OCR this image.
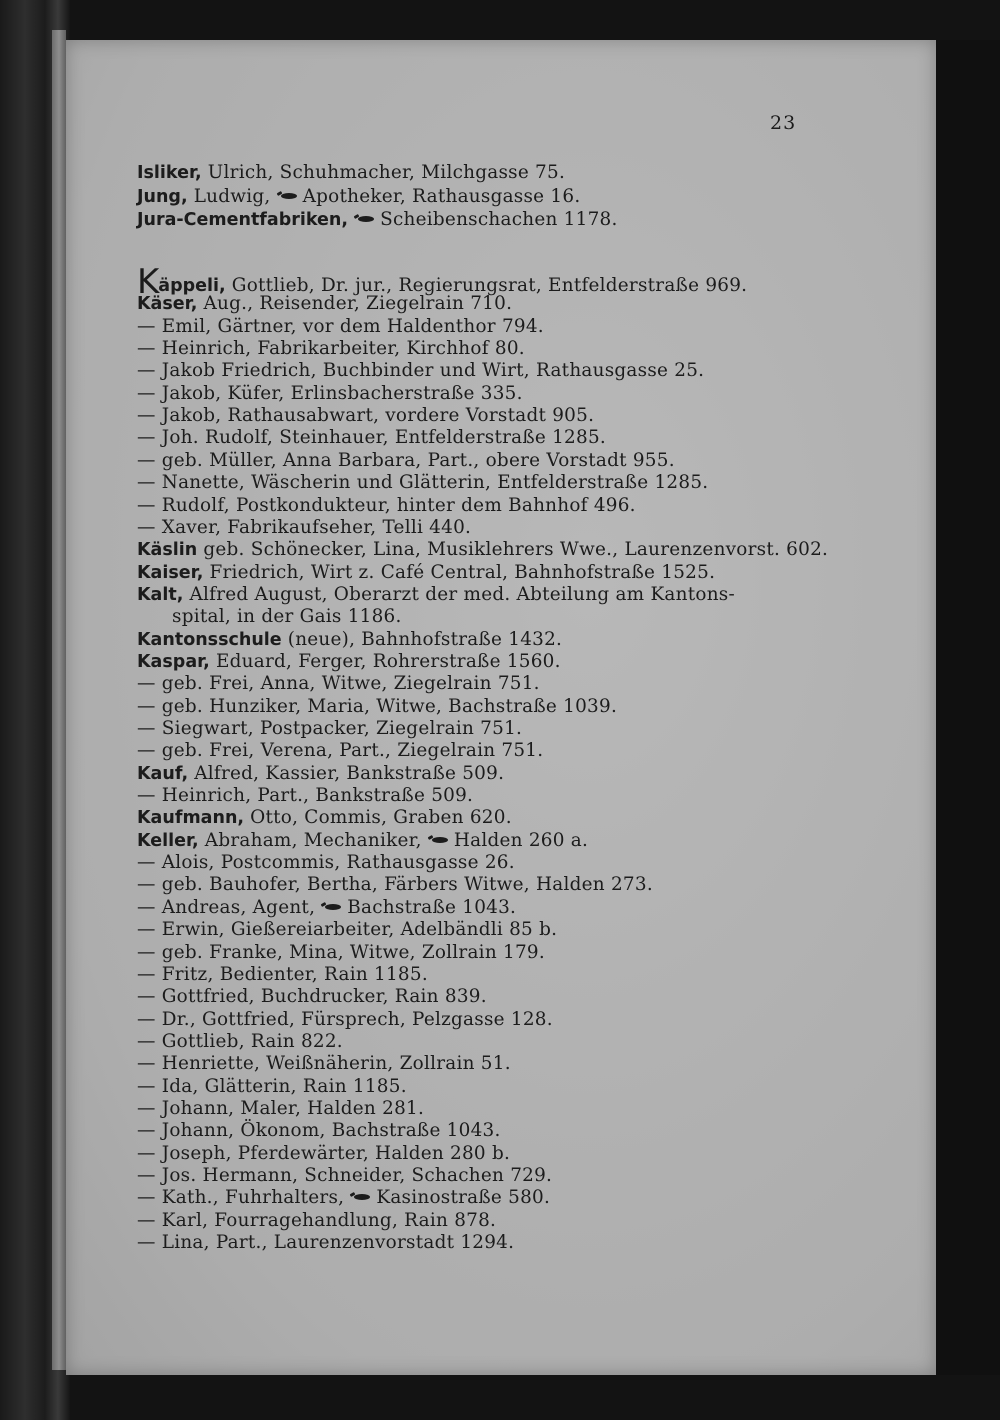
23
Isliker, Ulrich, Schuhmacher, Milchgasse 75.
Jung, Ludwig, Apotheker, Rathausgasse 16.
Jura-Cementfabriken, Scheibenschachen 1178.
Käppeli, Gottlieb, Dr. jur., Regierungsrat, Entfelderstraße 969.
Käser, Aug., Reisender, Ziegelrain 710.
— Emil, Gärtner, vor dem Haldenthor 794.
— Heinrich, Fabrikarbeiter, Kirchhof 80.
— Jakob Friedrich, Buchbinder und Wirt, Rathausgasse 25.
— Jakob, Küfer, Erlinsbacherstraße 335.
— Jakob, Rathausabwart, vordere Vorstadt 905.
— Joh. Rudolf, Steinhauer, Entfelderstraße 1285.
— geb. Müller, Anna Barbara, Part., obere Vorstadt 955.
— Nanette, Wäscherin und Glätterin, Entfelderstraße 1285.
— Rudolf, Postkondukteur, hinter dem Bahnhof 496.
— Xaver, Fabrikaufseher, Telli 440.
Käslin geb. Schönecker, Lina, Musiklehrers Wwe., Laurenzenvorst. 602.
Kaiser, Friedrich, Wirt z. Café Central, Bahnhofstraße 1525.
Kalt, Alfred August, Oberarzt der med. Abteilung am Kantons-
spital, in der Gais 1186.
Kantonsschule (neue), Bahnhofstraße 1432.
Kaspar, Eduard, Ferger, Rohrerstraße 1560.
— geb. Frei, Anna, Witwe, Ziegelrain 751.
— geb. Hunziker, Maria, Witwe, Bachstraße 1039.
— Siegwart, Postpacker, Ziegelrain 751.
— geb. Frei, Verena, Part., Ziegelrain 751.
Kauf, Alfred, Kassier, Bankstraße 509.
— Heinrich, Part., Bankstraße 509.
Kaufmann, Otto, Commis, Graben 620.
Keller, Abraham, Mechaniker, Halden 260 a.
— Alois, Postcommis, Rathausgasse 26.
— geb. Bauhofer, Bertha, Färbers Witwe, Halden 273.
— Andreas, Agent, Bachstraße 1043.
— Erwin, Gießereiarbeiter, Adelbändli 85 b.
— geb. Franke, Mina, Witwe, Zollrain 179.
— Fritz, Bedienter, Rain 1185.
— Gottfried, Buchdrucker, Rain 839.
— Dr., Gottfried, Fürsprech, Pelzgasse 128.
— Gottlieb, Rain 822.
— Henriette, Weißnäherin, Zollrain 51.
— Ida, Glätterin, Rain 1185.
— Johann, Maler, Halden 281.
— Johann, Ökonom, Bachstraße 1043.
— Joseph, Pferdewärter, Halden 280 b.
— Jos. Hermann, Schneider, Schachen 729.
— Kath., Fuhrhalters, Kasinostraße 580.
— Karl, Fourragehandlung, Rain 878.
— Lina, Part., Laurenzenvorstadt 1294.
